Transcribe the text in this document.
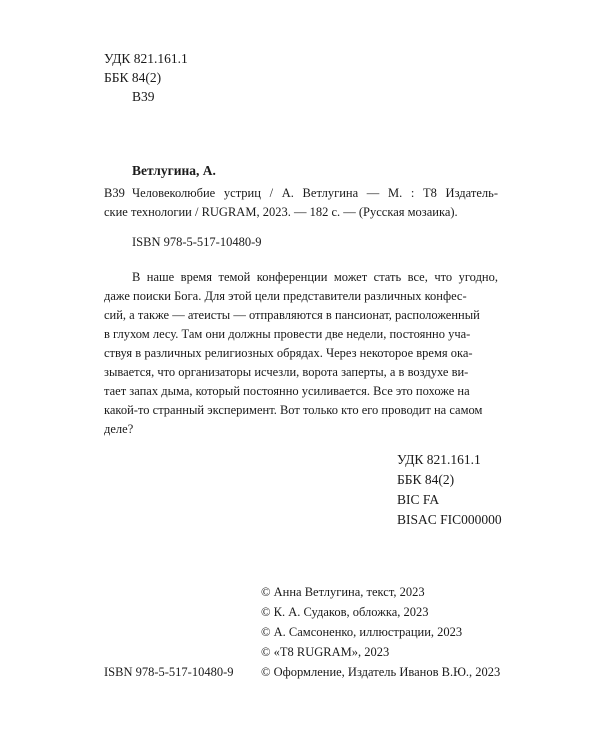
УДК 821.161.1
ББК 84(2)
В39
Ветлугина, А.
В39 Человеколюбие устриц / А. Ветлугина — М. : Т8 Издатель-
ские технологии / RUGRAM, 2023. — 182 с. — (Русская мозаика).
ISBN 978-5-517-10480-9
В наше время темой конференции может стать все, что угодно,
даже поиски Бога. Для этой цели представители различных конфес-
сий, а также — атеисты — отправляются в пансионат, расположенный
в глухом лесу. Там они должны провести две недели, постоянно уча-
ствуя в различных религиозных обрядах. Через некоторое время ока-
зывается, что организаторы исчезли, ворота заперты, а в воздухе ви-
тает запах дыма, который постоянно усиливается. Все это похоже на
какой-то странный эксперимент. Вот только кто его проводит на самом
деле?
УДК 821.161.1
ББК 84(2)
BIC FA
BISAC FIC000000
© Анна Ветлугина, текст, 2023
© К. А. Судаков, обложка, 2023
© А. Самсоненко, иллюстрации, 2023
© «Т8 RUGRAM», 2023
© Оформление, Издатель Иванов В.Ю., 2023
ISBN 978-5-517-10480-9
